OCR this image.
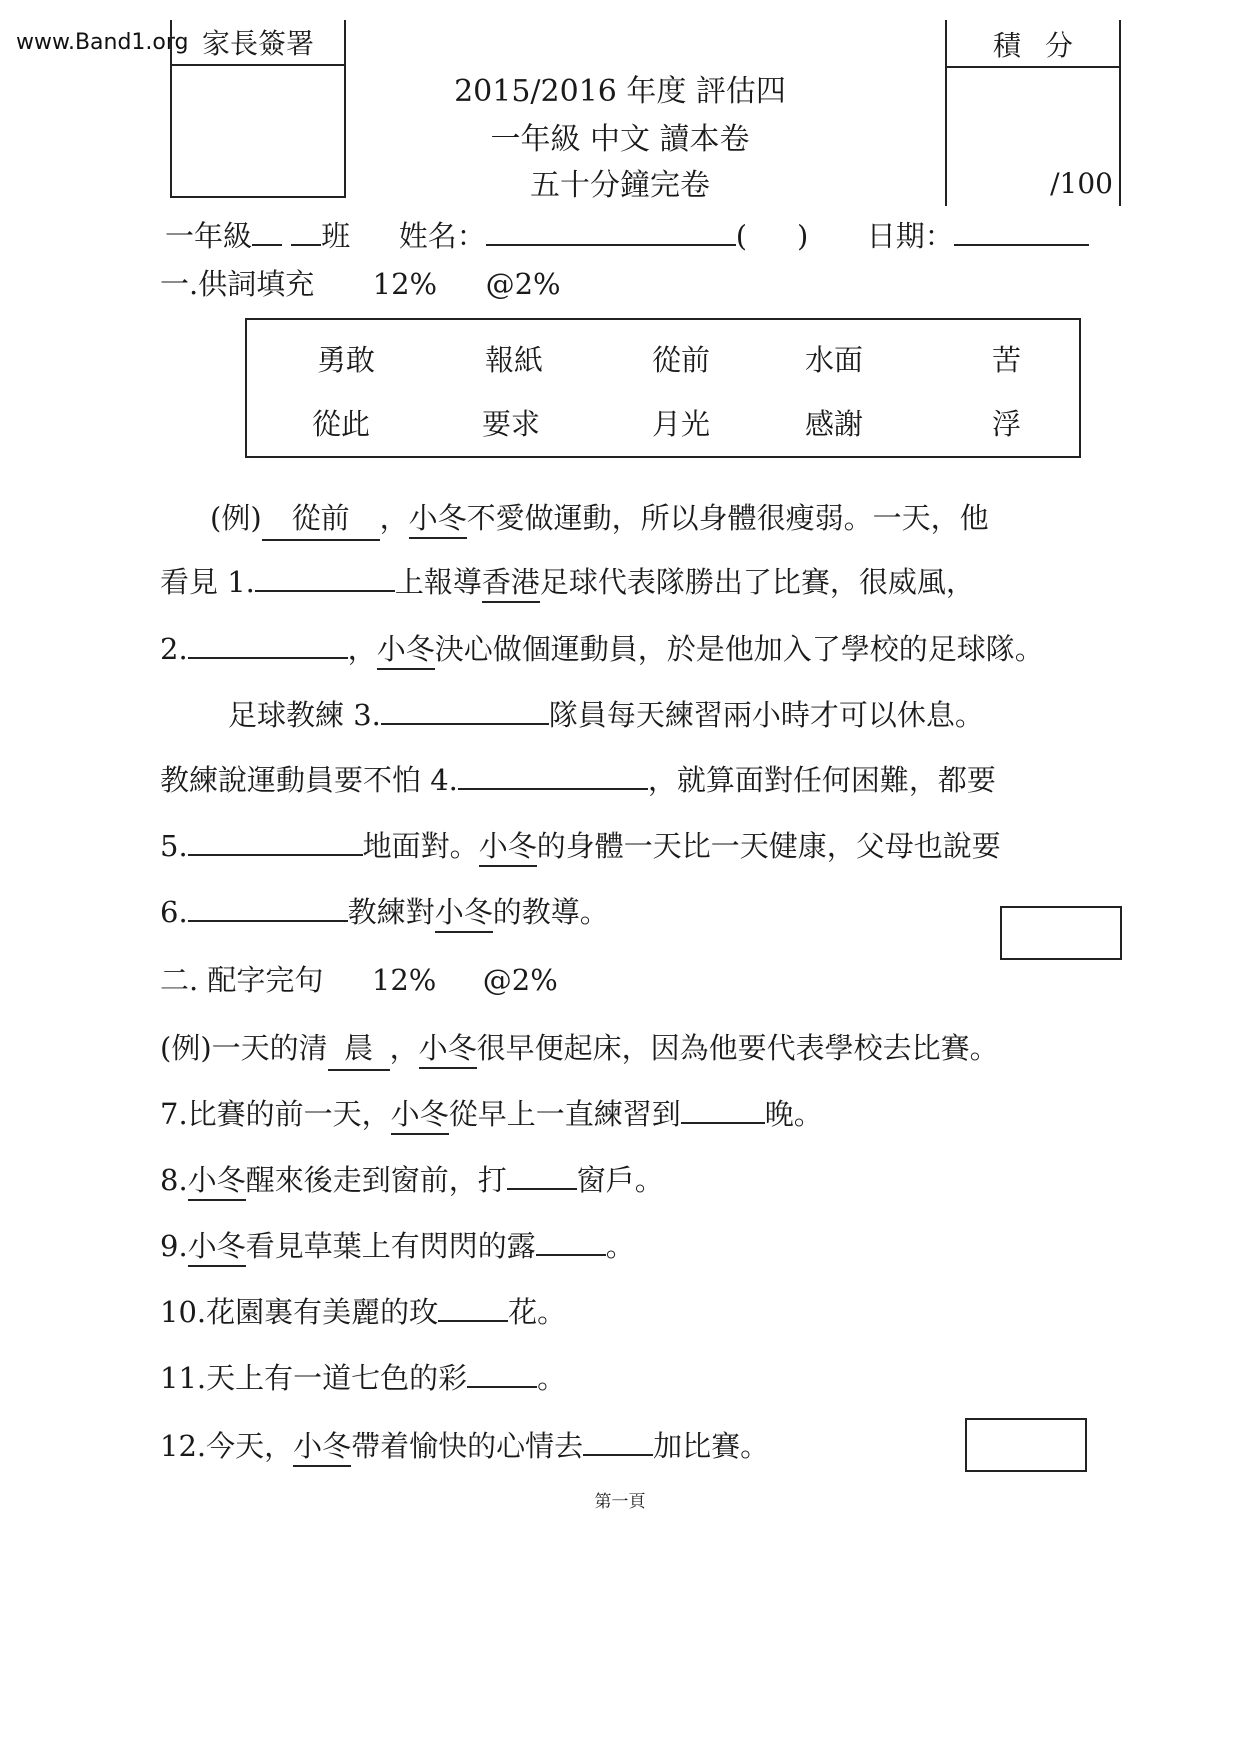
www.Band1.org 家長簽署	積分
/100
2015/2016 年度 評估四
一年級 中文 讀本卷
五十分鐘完卷
一年級 班 姓名：	( ) 日期：
一.供詞填充 12% @2%
勇敢	報紙	從前	水面	苦
從此	要求	月光	感謝	浮
(例) 從前 ，小冬不愛做運動，所以身體很瘦弱。一天，他
看見 1.	上報導香港足球代表隊勝出了比賽，很威風，
2.	，小冬決心做個運動員，於是他加入了學校的足球隊。
足球教練 3.	隊員每天練習兩小時才可以休息。
教練說運動員要不怕 4.	，就算面對任何困難，都要
5.	地面對。小冬的身體一天比一天健康，父母也說要
6.	教練對小冬的教導。
二. 配字完句 12% @2%
(例)一天的清 晨 ，小冬很早便起床，因為他要代表學校去比賽。
7.比賽的前一天，小冬從早上一直練習到	晚。
8.小冬醒來後走到窗前，打 窗戶。
9.小冬看見草葉上有閃閃的露 。
10.花園裏有美麗的玫 花。
11.天上有一道七色的彩 。
12.今天，小冬帶着愉快的心情去 加比賽。
第一頁
